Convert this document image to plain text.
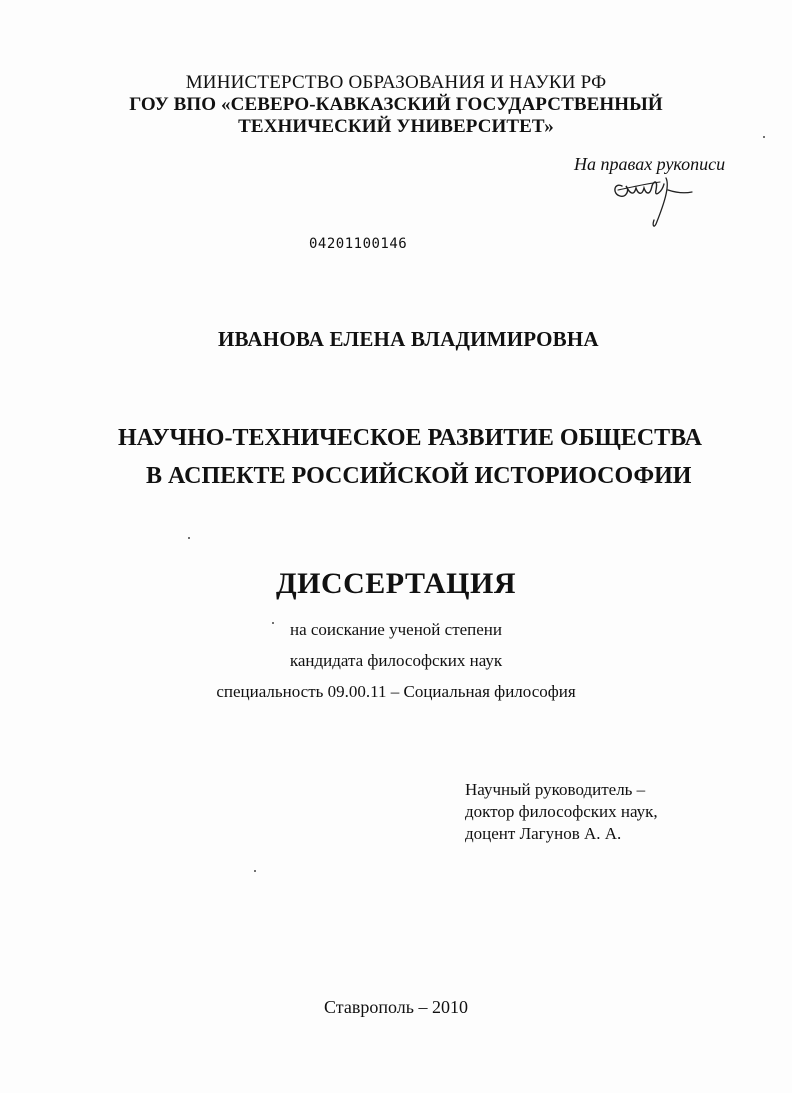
МИНИСТЕРСТВО ОБРАЗОВАНИЯ И НАУКИ РФ
ГОУ ВПО «СЕВЕРО-КАВКАЗСКИЙ ГОСУДАРСТВЕННЫЙ
ТЕХНИЧЕСКИЙ УНИВЕРСИТЕТ»
На правах рукописи
04201100146
ИВАНОВА ЕЛЕНА ВЛАДИМИРОВНА
НАУЧНО-ТЕХНИЧЕСКОЕ РАЗВИТИЕ ОБЩЕСТВА
В АСПЕКТЕ РОССИЙСКОЙ ИСТОРИОСОФИИ
ДИССЕРТАЦИЯ
на соискание ученой степени
кандидата философских наук
специальность 09.00.11 – Социальная философия
Научный руководитель –
доктор философских наук,
доцент Лагунов А. А.
Ставрополь – 2010
